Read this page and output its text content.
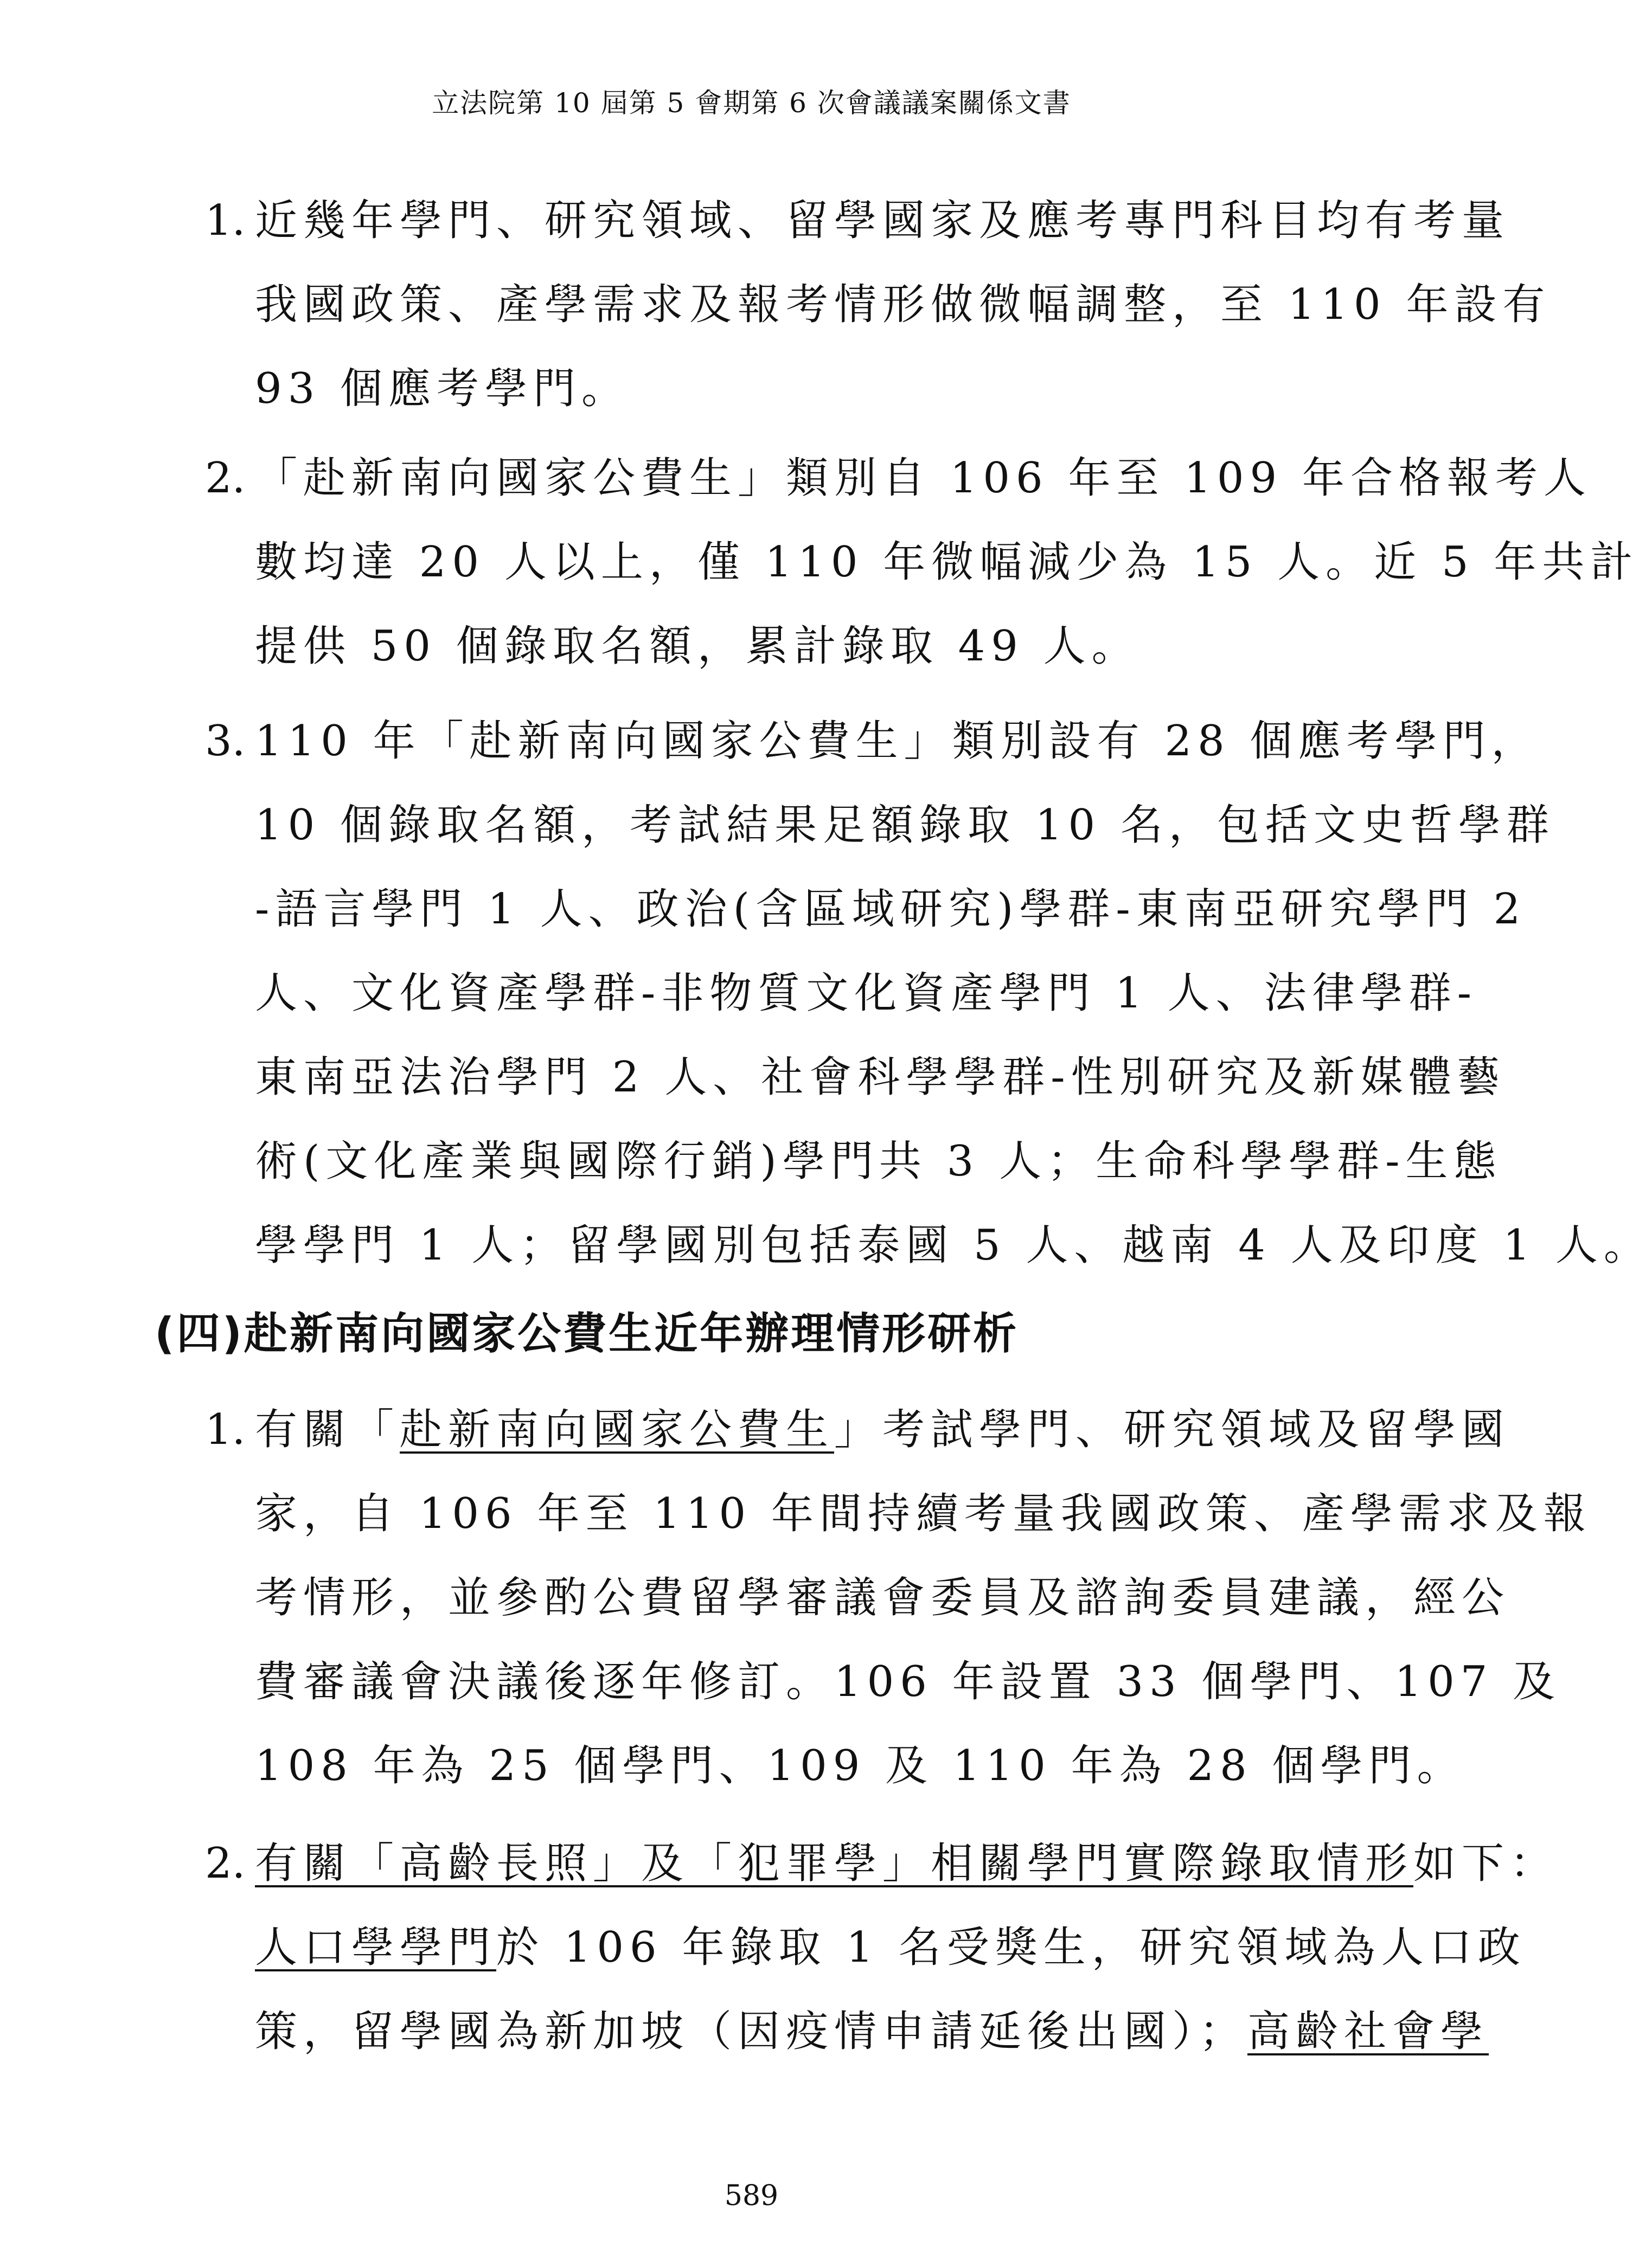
立法院第 10 屆第 5 會期第 6 次會議議案關係文書
1. 近幾年學門、研究領域、留學國家及應考專門科目均有考量
我國政策、產學需求及報考情形做微幅調整，至 110 年設有
93 個應考學門。
2. 「赴新南向國家公費生」類別自 106 年至 109 年合格報考人
數均達 20 人以上，僅 110 年微幅減少為 15 人。近 5 年共計
提供 50 個錄取名額，累計錄取 49 人。
3. 110 年「赴新南向國家公費生」類別設有 28 個應考學門，
10 個錄取名額，考試結果足額錄取 10 名，包括文史哲學群
-語言學門 1 人、政治(含區域研究)學群-東南亞研究學門 2
人、文化資產學群-非物質文化資產學門 1 人、法律學群-
東南亞法治學門 2 人、社會科學學群-性別研究及新媒體藝
術(文化產業與國際行銷)學門共 3 人；生命科學學群-生態
學學門 1 人；留學國別包括泰國 5 人、越南 4 人及印度 1 人。
(四)赴新南向國家公費生近年辦理情形研析
1. 有關「赴新南向國家公費生」考試學門、研究領域及留學國
家，自 106 年至 110 年間持續考量我國政策、產學需求及報
考情形，並參酌公費留學審議會委員及諮詢委員建議，經公
費審議會決議後逐年修訂。106 年設置 33 個學門、107 及
108 年為 25 個學門、109 及 110 年為 28 個學門。
2. 有關「高齡長照」及「犯罪學」相關學門實際錄取情形如下：
人口學學門於 106 年錄取 1 名受獎生，研究領域為人口政
策，留學國為新加坡（因疫情申請延後出國）；高齡社會學
589
